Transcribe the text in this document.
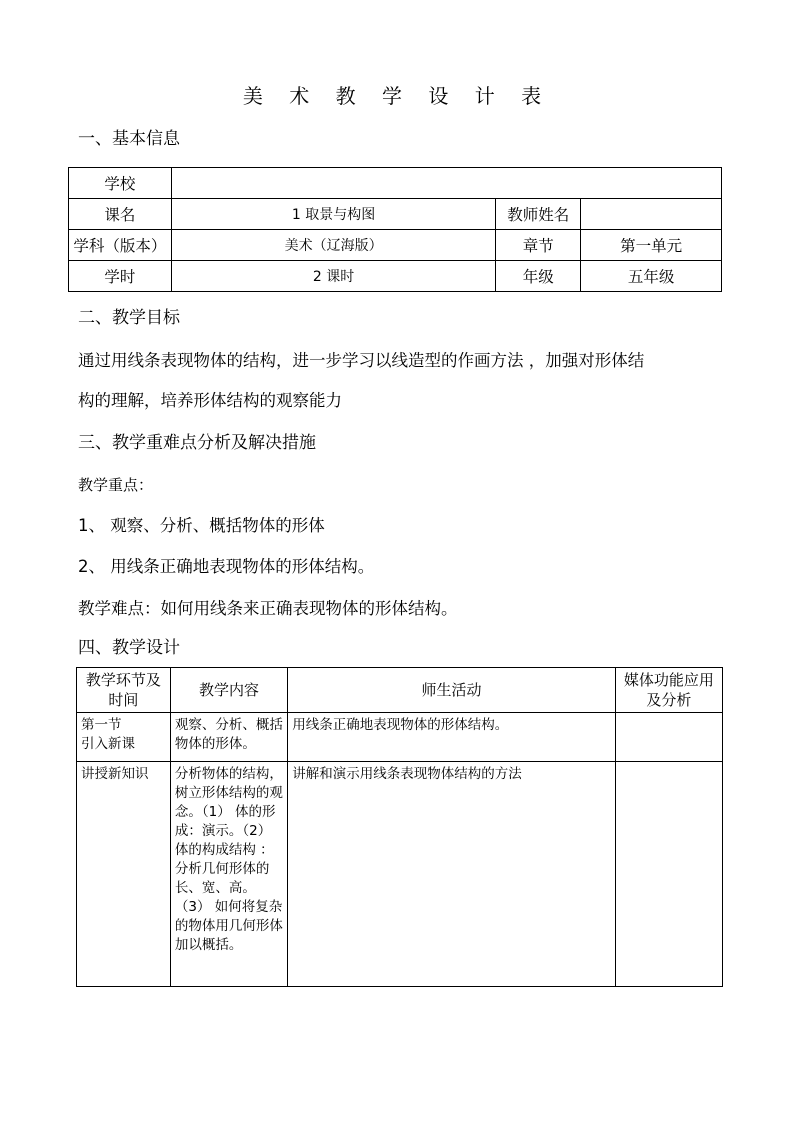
美 术 教 学 设 计 表
一、基本信息
学校			
课名	1 取景与构图	教师姓名	
学科（版本）	美术（辽海版）	章节	第一单元
学时	2 课时	年级	五年级
二、教学目标
通过用线条表现物体的结构，进一步学习以线造型的作画方法 ，加强对形体结
构的理解，培养形体结构的观察能力
三、教学重难点分析及解决措施
教学重点：
1、 观察、分析、概括物体的形体
2、 用线条正确地表现物体的形体结构。
教学难点：如何用线条来正确表现物体的形体结构。
四、教学设计
教学环节及时间	教学内容	师生活动	媒体功能应用及分析

第一节
引入新课	观察、分析、概括物体的形体。	用线条正确地表现物体的形体结构。	
讲授新知识	分析物体的结构，树立形体结构的观念。（1） 体的形成：演示。（2） 体的构成结构 ：分析几何形体的长、宽、高。（3） 如何将复杂的物体用几何形体加以概括。	讲解和演示用线条表现物体结构的方法	
